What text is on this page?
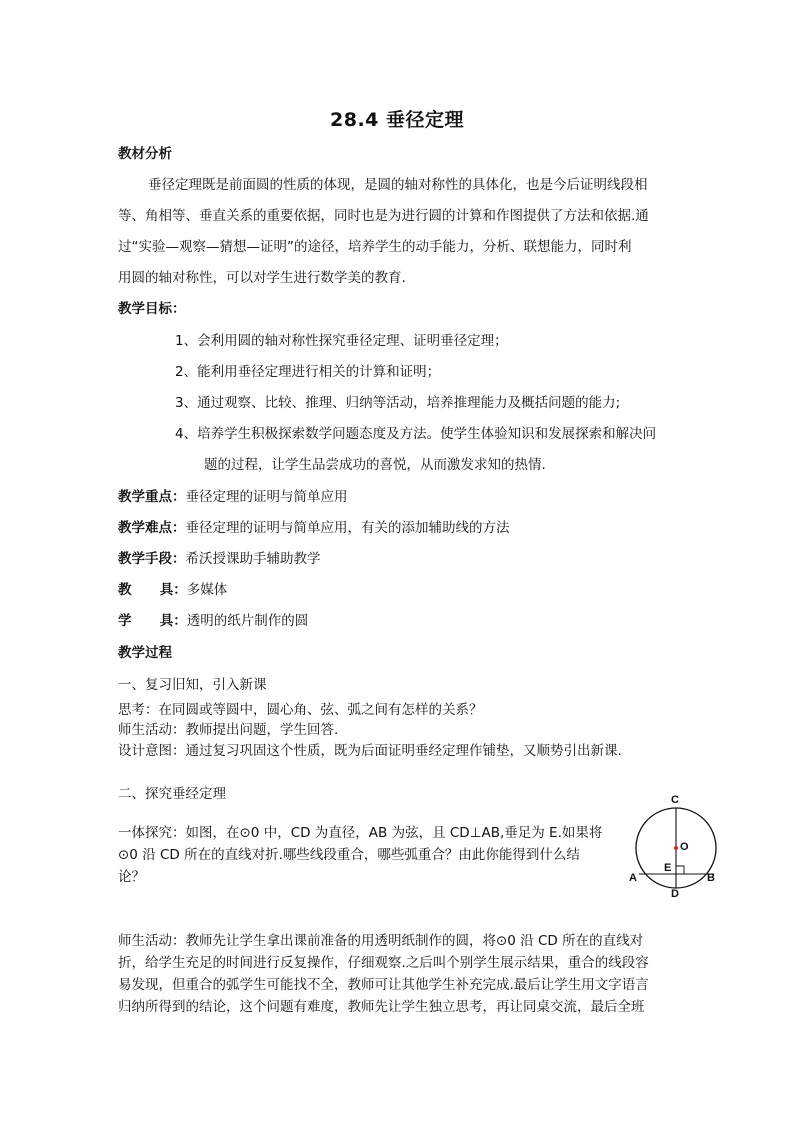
28.4 垂径定理
教材分析
垂径定理既是前面圆的性质的体现，是圆的轴对称性的具体化，也是今后证明线段相
等、角相等、垂直关系的重要依据，同时也是为进行圆的计算和作图提供了方法和依据.通
过“实验—观察—猜想—证明”的途径，培养学生的动手能力，分析、联想能力，同时利
用圆的轴对称性，可以对学生进行数学美的教育.
教学目标：
1、会利用圆的轴对称性探究垂径定理、证明垂径定理；
2、能利用垂径定理进行相关的计算和证明；
3、通过观察、比较、推理、归纳等活动，培养推理能力及概括问题的能力;
4、培养学生积极探索数学问题态度及方法。使学生体验知识和发展探索和解决问
题的过程，让学生品尝成功的喜悦，从而激发求知的热情.
教学重点：垂径定理的证明与简单应用
教学难点：垂径定理的证明与简单应用，有关的添加辅助线的方法
教学手段：希沃授课助手辅助教学
教      具：多媒体
学      具：透明的纸片制作的圆
教学过程
一、复习旧知，引入新课
思考：在同圆或等圆中，圆心角、弦、弧之间有怎样的关系？
师生活动：教师提出问题，学生回答.
设计意图：通过复习巩固这个性质，既为后面证明垂经定理作铺垫，又顺势引出新课.
二、探究垂经定理
一体探究：如图，在⊙0 中，CD 为直径，AB 为弦，且 CD⊥AB,垂足为 E.如果将
⊙0 沿 CD 所在的直线对折.哪些线段重合，哪些弧重合？由此你能得到什么结
论？
C
O
E
A	B
D
师生活动：教师先让学生拿出课前准备的用透明纸制作的圆，将⊙0 沿 CD 所在的直线对
折，给学生充足的时间进行反复操作，仔细观察.之后叫个别学生展示结果，重合的线段容
易发现，但重合的弧学生可能找不全，教师可让其他学生补充完成.最后让学生用文字语言
归纳所得到的结论，这个问题有难度，教师先让学生独立思考，再让同桌交流，最后全班
